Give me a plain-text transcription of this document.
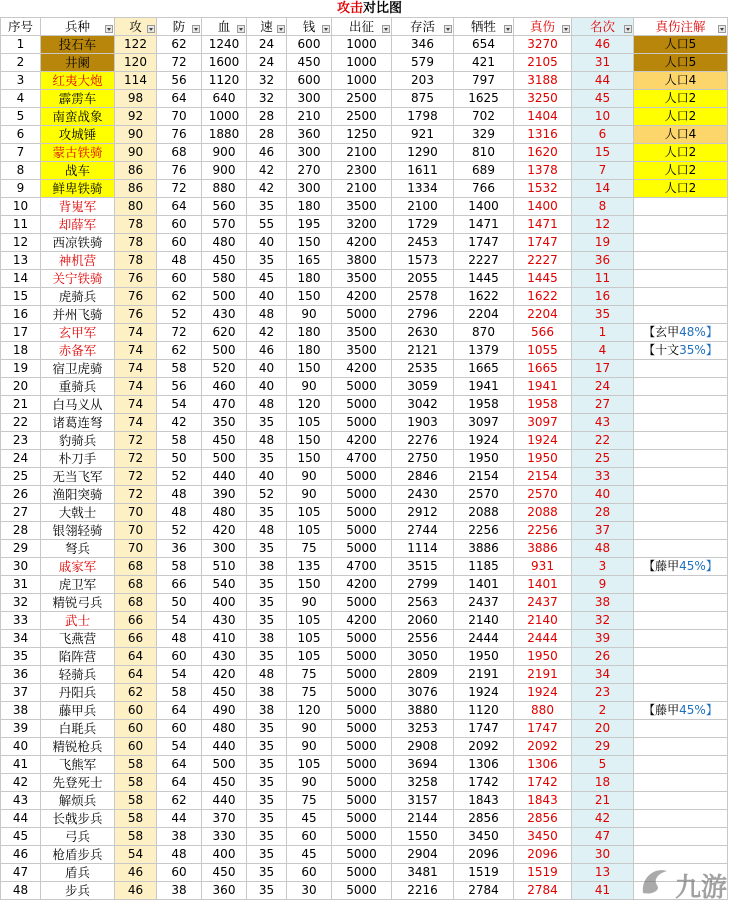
攻击对比图
序号	兵种	攻	防	血	速	钱	出征	存活	牺牲	真伤	名次	真伤注解

1	投石车	122	62	1240	24	600	1000	346	654	3270	46	人口5
2	井阑	120	72	1600	24	450	1000	579	421	2105	31	人口5
3	红夷大炮	114	56	1120	32	600	1000	203	797	3188	44	人口4
4	霹雳车	98	64	640	32	300	2500	875	1625	3250	45	人口2
5	南蛮战象	92	70	1000	28	210	2500	1798	702	1404	10	人口2
6	攻城锤	90	76	1880	28	360	1250	921	329	1316	6	人口4
7	蒙古铁骑	90	68	900	46	300	2100	1290	810	1620	15	人口2
8	战车	86	76	900	42	270	2300	1611	689	1378	7	人口2
9	鲜卑铁骑	86	72	880	42	300	2100	1334	766	1532	14	人口2
10	背嵬军	80	64	560	35	180	3500	2100	1400	1400	8	
11	却薛军	78	60	570	55	195	3200	1729	1471	1471	12	
12	西凉铁骑	78	60	480	40	150	4200	2453	1747	1747	19	
13	神机营	78	48	450	35	165	3800	1573	2227	2227	36	
14	关宁铁骑	76	60	580	45	180	3500	2055	1445	1445	11	
15	虎骑兵	76	62	500	40	150	4200	2578	1622	1622	16	
16	并州飞骑	76	52	430	48	90	5000	2796	2204	2204	35	
17	玄甲军	74	72	620	42	180	3500	2630	870	566	1	【玄甲48%】
18	赤备军	74	62	500	46	180	3500	2121	1379	1055	4	【十文35%】
19	宿卫虎骑	74	58	520	40	150	4200	2535	1665	1665	17	
20	重骑兵	74	56	460	40	90	5000	3059	1941	1941	24	
21	白马义从	74	54	470	48	120	5000	3042	1958	1958	27	
22	诸葛连弩	74	42	350	35	105	5000	1903	3097	3097	43	
23	豹骑兵	72	58	450	48	150	4200	2276	1924	1924	22	
24	朴刀手	72	50	500	35	150	4700	2750	1950	1950	25	
25	无当飞军	72	52	440	40	90	5000	2846	2154	2154	33	
26	渔阳突骑	72	48	390	52	90	5000	2430	2570	2570	40	
27	大戟士	70	48	480	35	105	5000	2912	2088	2088	28	
28	银翎轻骑	70	52	420	48	105	5000	2744	2256	2256	37	
29	弩兵	70	36	300	35	75	5000	1114	3886	3886	48	
30	戚家军	68	58	510	38	135	4700	3515	1185	931	3	【藤甲45%】
31	虎卫军	68	66	540	35	150	4200	2799	1401	1401	9	
32	精锐弓兵	68	50	400	35	90	5000	2563	2437	2437	38	
33	武士	66	54	430	35	105	4200	2060	2140	2140	32	
34	飞燕营	66	48	410	38	105	5000	2556	2444	2444	39	
35	陷阵营	64	60	430	35	105	5000	3050	1950	1950	26	
36	轻骑兵	64	54	420	48	75	5000	2809	2191	2191	34	
37	丹阳兵	62	58	450	38	75	5000	3076	1924	1924	23	
38	藤甲兵	60	64	490	38	120	5000	3880	1120	880	2	【藤甲45%】
39	白毦兵	60	60	480	35	90	5000	3253	1747	1747	20	
40	精锐枪兵	60	54	440	35	90	5000	2908	2092	2092	29	
41	飞熊军	58	64	500	35	105	5000	3694	1306	1306	5	
42	先登死士	58	64	450	35	90	5000	3258	1742	1742	18	
43	解烦兵	58	62	440	35	75	5000	3157	1843	1843	21	
44	长戟步兵	58	44	370	35	45	5000	2144	2856	2856	42	
45	弓兵	58	38	330	35	60	5000	1550	3450	3450	47	
46	枪盾步兵	54	48	400	35	45	5000	2904	2096	2096	30	
47	盾兵	46	60	450	35	60	5000	3481	1519	1519	13	
48	步兵	46	38	360	35	30	5000	2216	2784	2784	41	九游
